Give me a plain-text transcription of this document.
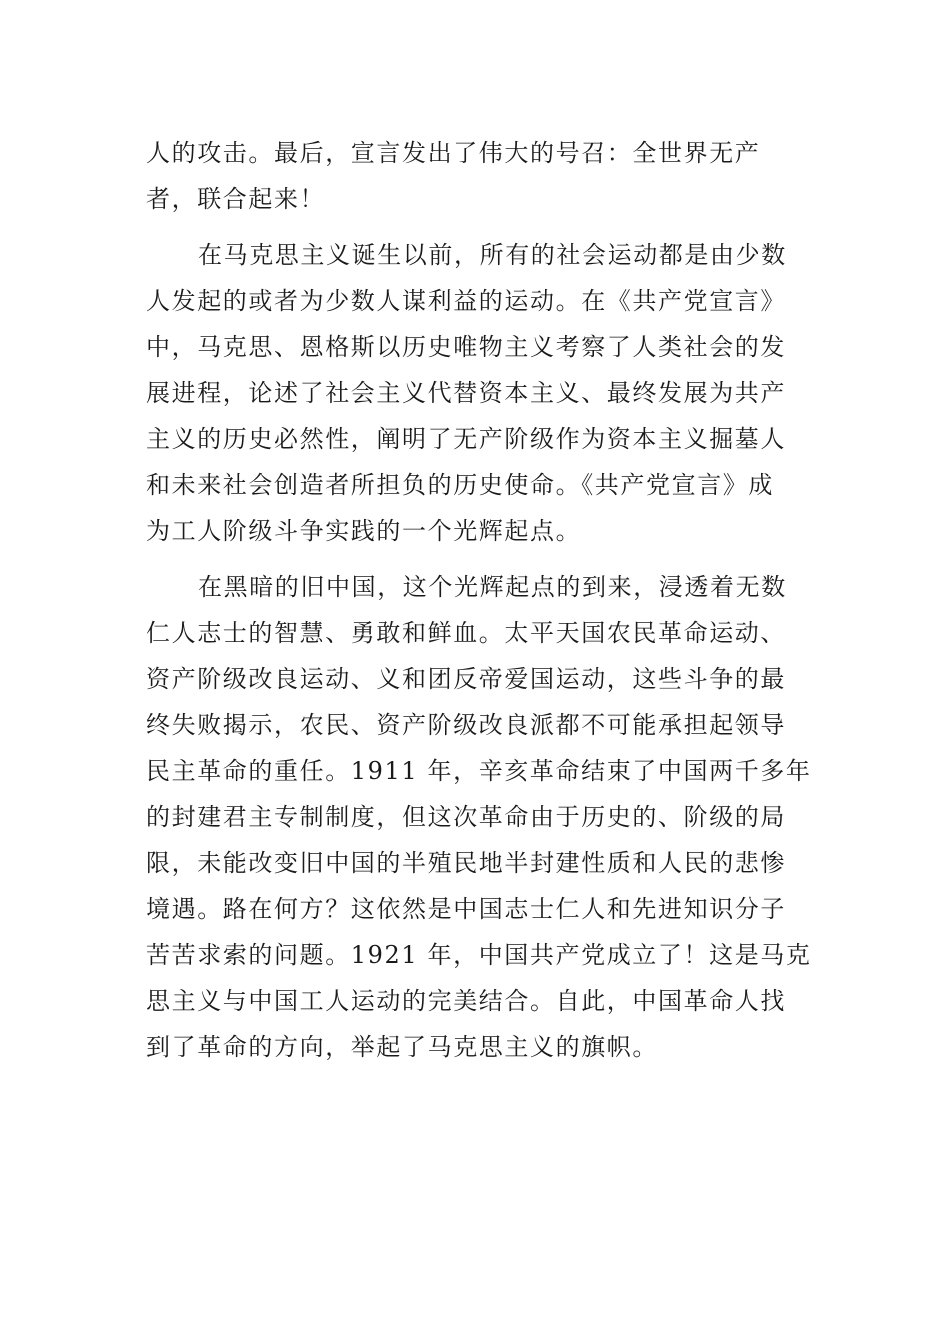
人的攻击。最后，宣言发出了伟大的号召：全世界无产
者，联合起来！
在马克思主义诞生以前，所有的社会运动都是由少数
人发起的或者为少数人谋利益的运动。在《共产党宣言》
中，马克思、恩格斯以历史唯物主义考察了人类社会的发
展进程，论述了社会主义代替资本主义、最终发展为共产
主义的历史必然性，阐明了无产阶级作为资本主义掘墓人
和未来社会创造者所担负的历史使命。《共产党宣言》成
为工人阶级斗争实践的一个光辉起点。
在黑暗的旧中国，这个光辉起点的到来，浸透着无数
仁人志士的智慧、勇敢和鲜血。太平天国农民革命运动、
资产阶级改良运动、义和团反帝爱国运动，这些斗争的最
终失败揭示，农民、资产阶级改良派都不可能承担起领导
民主革命的重任。1911 年，辛亥革命结束了中国两千多年
的封建君主专制制度，但这次革命由于历史的、阶级的局
限，未能改变旧中国的半殖民地半封建性质和人民的悲惨
境遇。路在何方？这依然是中国志士仁人和先进知识分子
苦苦求索的问题。1921 年，中国共产党成立了！这是马克
思主义与中国工人运动的完美结合。自此，中国革命人找
到了革命的方向，举起了马克思主义的旗帜。
